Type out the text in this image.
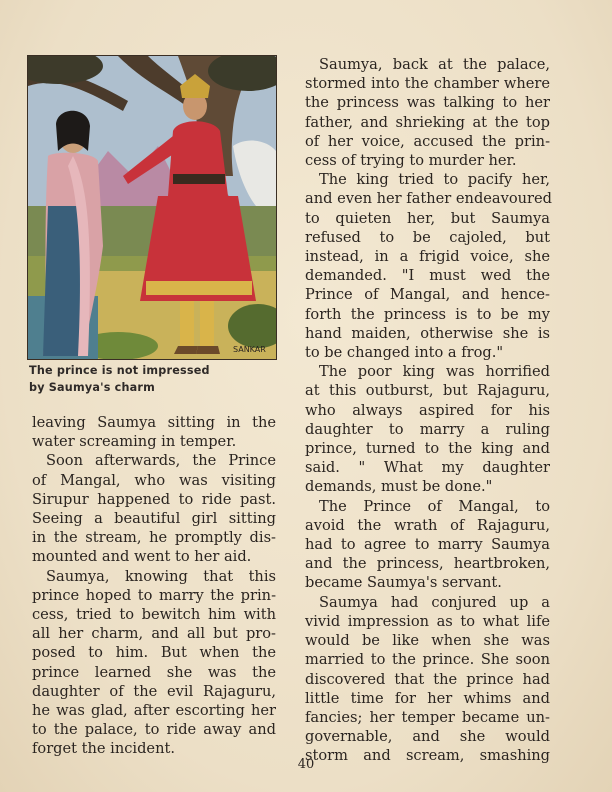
SANKAR
The prince is not impressed
by Saumya's charm
leaving Saumya sitting in the
water screaming in temper.
Soon afterwards, the Prince
of Mangal, who was visiting
Sirupur happened to ride past.
Seeing a beautiful girl sitting
in the stream, he promptly dis-
mounted and went to her aid.
Saumya, knowing that this
prince hoped to marry the prin-
cess, tried to bewitch him with
all her charm, and all but pro-
posed to him. But when the
prince learned she was the
daughter of the evil Rajaguru,
he was glad, after escorting her
to the palace, to ride away and
forget the incident.
Saumya, back at the palace,
stormed into the chamber where
the princess was talking to her
father, and shrieking at the top
of her voice, accused the prin-
cess of trying to murder her.
The king tried to pacify her,
and even her father endeavoured
to quieten her, but Saumya
refused to be cajoled, but
instead, in a frigid voice, she
demanded. "I must wed the
Prince of Mangal, and hence-
forth the princess is to be my
hand maiden, otherwise she is
to be changed into a frog."
The poor king was horrified
at this outburst, but Rajaguru,
who always aspired for his
daughter to marry a ruling
prince, turned to the king and
said. " What my daughter
demands, must be done."
The Prince of Mangal, to
avoid the wrath of Rajaguru,
had to agree to marry Saumya
and the princess, heartbroken,
became Saumya's servant.
Saumya had conjured up a
vivid impression as to what life
would be like when she was
married to the prince. She soon
discovered that the prince had
little time for her whims and
fancies; her temper became un-
governable, and she would
storm and scream, smashing
40
